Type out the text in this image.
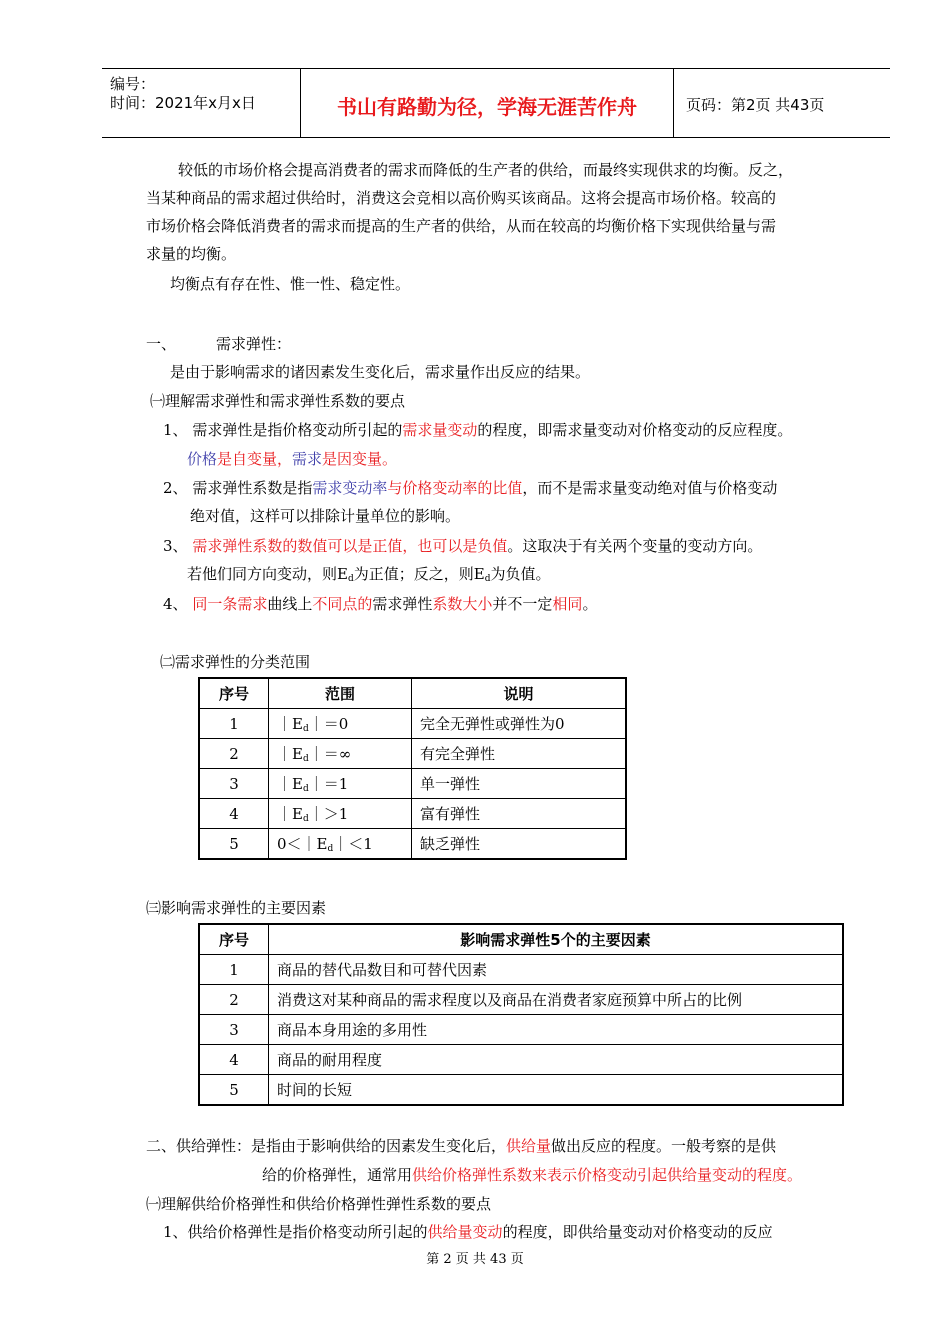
编号：
时间：2021年x月x日	书山有路勤为径，学海无涯苦作舟	页码：第2页 共43页
较低的市场价格会提高消费者的需求而降低的生产者的供给，而最终实现供求的均衡。反之，
当某种商品的需求超过供给时，消费这会竞相以高价购买该商品。这将会提高市场价格。较高的
市场价格会降低消费者的需求而提高的生产者的供给，从而在较高的均衡价格下实现供给量与需
求量的均衡。
均衡点有存在性、惟一性、稳定性。
一、	需求弹性：
是由于影响需求的诸因素发生变化后，需求量作出反应的结果。
㈠理解需求弹性和需求弹性系数的要点
1、 需求弹性是指价格变动所引起的需求量变动的程度，即需求量变动对价格变动的反应程度。
价格是自变量，需求是因变量。
2、 需求弹性系数是指需求变动率与价格变动率的比值，而不是需求量变动绝对值与价格变动
绝对值，这样可以排除计量单位的影响。
3、 需求弹性系数的数值可以是正值，也可以是负值。这取决于有关两个变量的变动方向。
若他们同方向变动，则$E_d$为正值；反之，则$E_d$为负值。
4、 同一条需求曲线上不同点的需求弹性系数大小并不一定相同。
㈡需求弹性的分类范围
序号	范围	说明
1	$|E_d|=0$	完全无弹性或弹性为0
2	$|E_d|=\infty$	有完全弹性
3	$|E_d|=1$	单一弹性
4	$|E_d|>1$	富有弹性
5	$0<|E_d|<1$	缺乏弹性
㈢影响需求弹性的主要因素
序号	影响需求弹性5个的主要因素
1	商品的替代品数目和可替代因素
2	消费这对某种商品的需求程度以及商品在消费者家庭预算中所占的比例
3	商品本身用途的多用性
4	商品的耐用程度
5	时间的长短
二、供给弹性：是指由于影响供给的因素发生变化后，供给量做出反应的程度。一般考察的是供
给的价格弹性，通常用供给价格弹性系数来表示价格变动引起供给量变动的程度。
㈠理解供给价格弹性和供给价格弹性弹性系数的要点
1、供给价格弹性是指价格变动所引起的供给量变动的程度，即供给量变动对价格变动的反应
第 2 页 共 43 页
